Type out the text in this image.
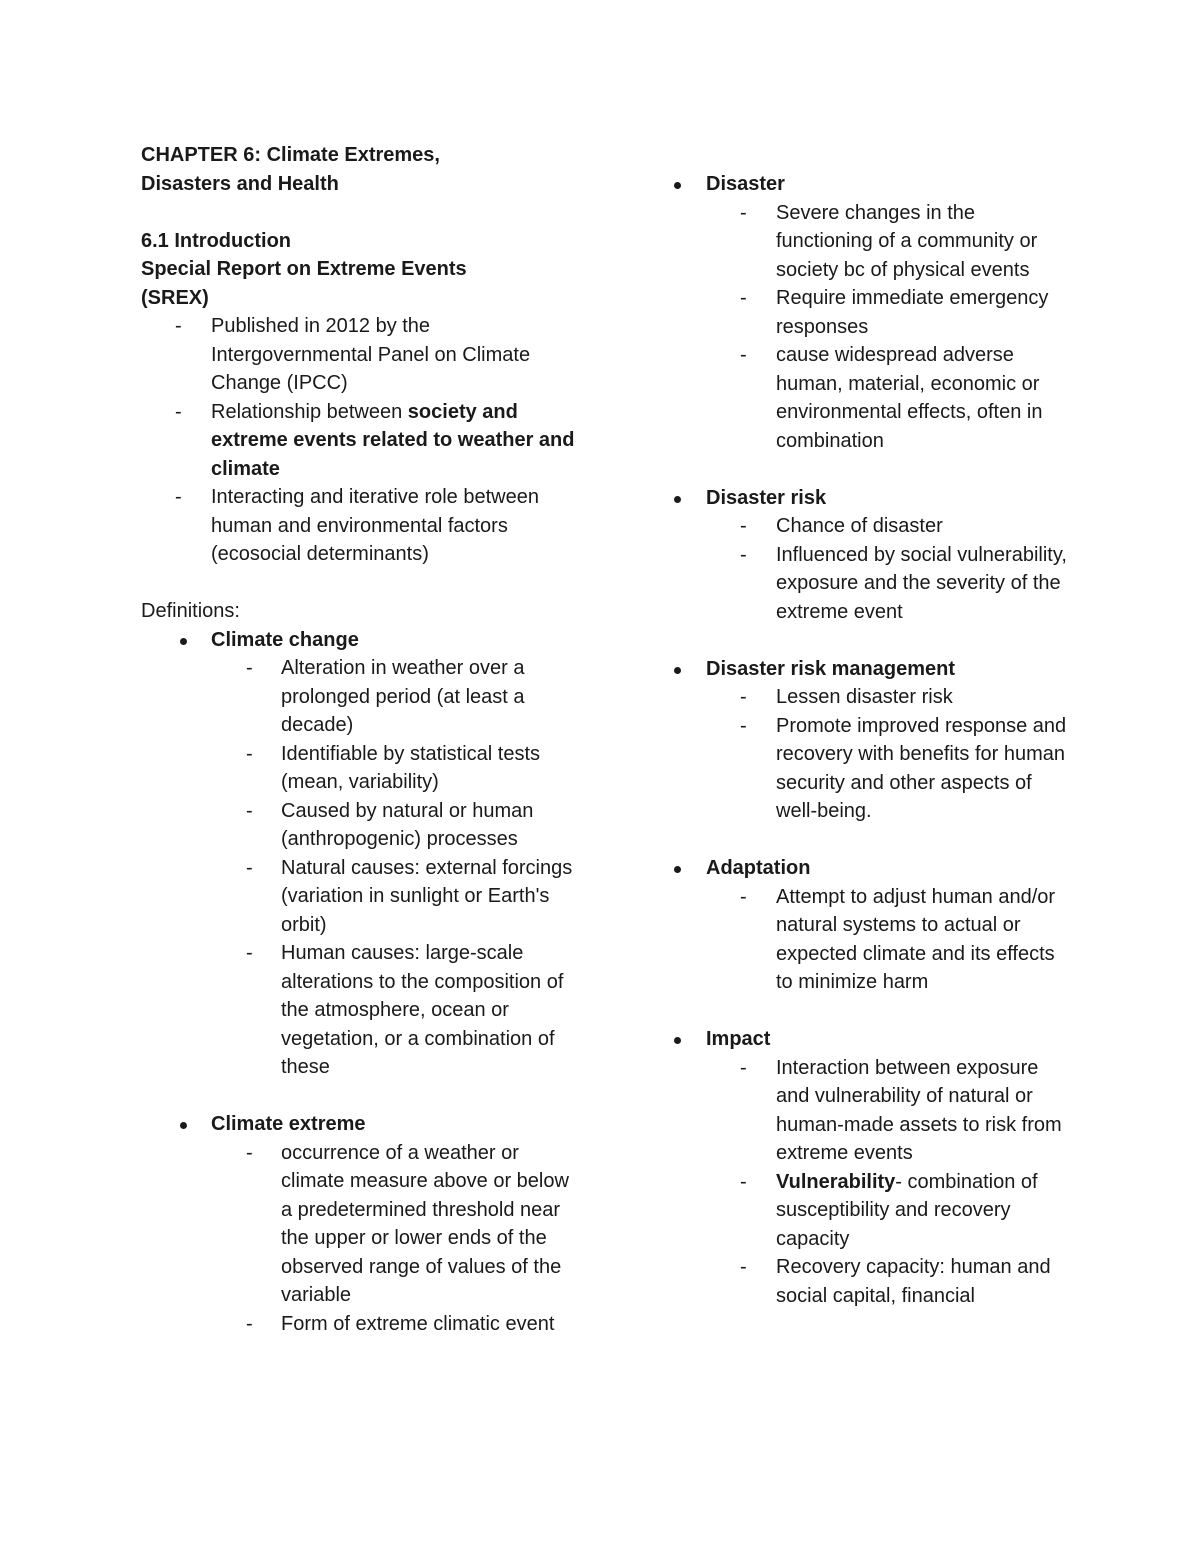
CHAPTER 6: Climate Extremes,

Disasters and Health

6.1 Introduction

Special Report on Extreme Events

(SREX)

- Published in 2012 by the Intergovernmental Panel on Climate Change (IPCC)
- Relationship between society and extreme events related to weather and climate
- Interacting and iterative role between human and environmental factors (ecosocial determinants)

Definitions:

Climate change
- Alteration in weather over a prolonged period (at least a decade)
- Identifiable by statistical tests (mean, variability)
- Caused by natural or human (anthropogenic) processes
- Natural causes: external forcings (variation in sunlight or Earth's orbit)
- Human causes: large-scale alterations to the composition of the atmosphere, ocean or vegetation, or a combination of these
Climate extreme
- occurrence of a weather or climate measure above or below a predetermined threshold near the upper or lower ends of the observed range of values of the variable
- Form of extreme climatic event
Disaster
- Severe changes in the functioning of a community or society bc of physical events
- Require immediate emergency responses
- cause widespread adverse human, material, economic or environmental effects, often in combination
Disaster risk
- Chance of disaster
- Influenced by social vulnerability, exposure and the severity of the extreme event
Disaster risk management
- Lessen disaster risk
- Promote improved response and recovery with benefits for human security and other aspects of well-being.
Adaptation
- Attempt to adjust human and/or natural systems to actual or expected climate and its effects to minimize harm
Impact
- Interaction between exposure and vulnerability of natural or human-made assets to risk from extreme events
- Vulnerability- combination of susceptibility and recovery capacity
- Recovery capacity: human and social capital, financial
